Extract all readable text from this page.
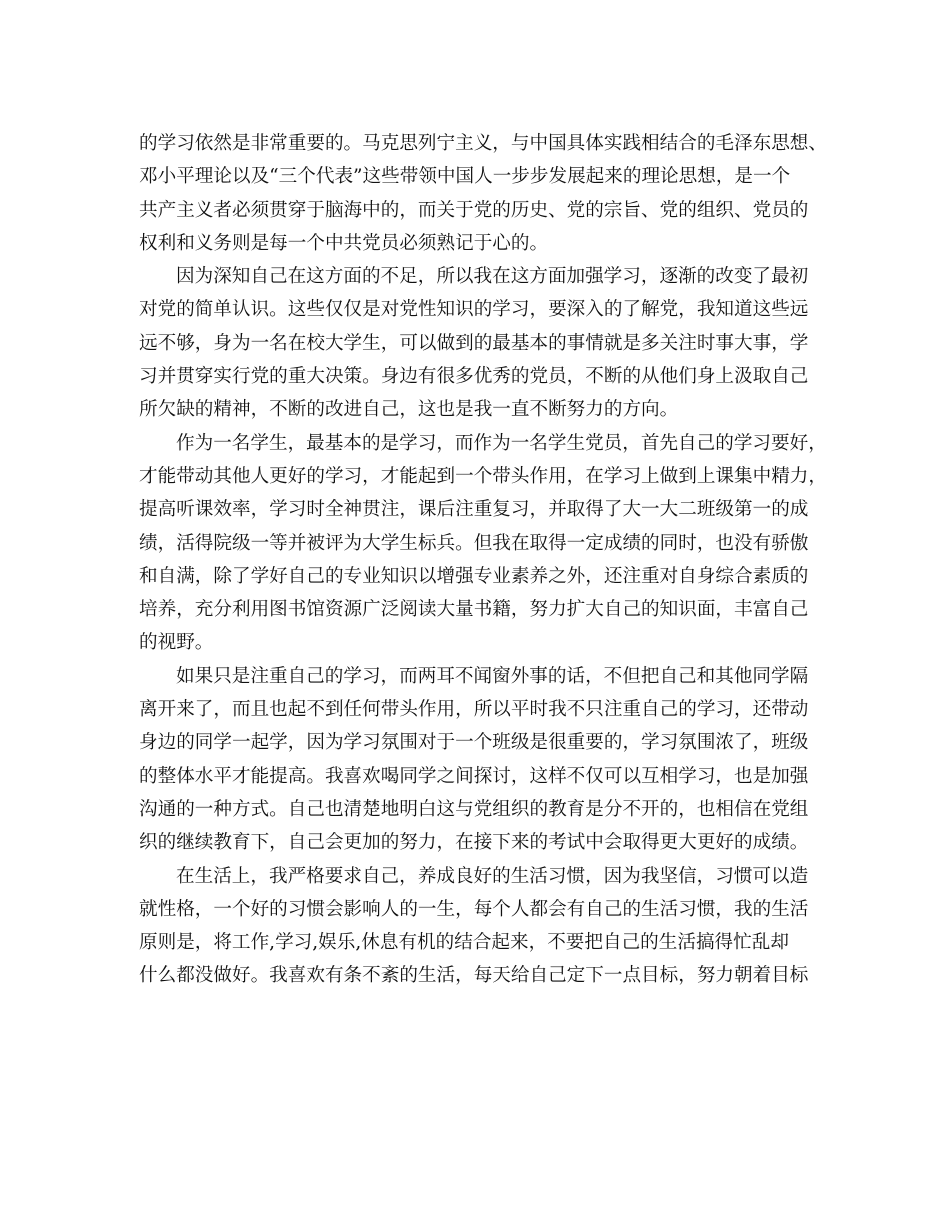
的学习依然是非常重要的。马克思列宁主义，与中国具体实践相结合的毛泽东思想、
邓小平理论以及“三个代表”这些带领中国人一步步发展起来的理论思想，是一个
共产主义者必须贯穿于脑海中的，而关于党的历史、党的宗旨、党的组织、党员的
权利和义务则是每一个中共党员必须熟记于心的。

因为深知自己在这方面的不足，所以我在这方面加强学习，逐渐的改变了最初
对党的简单认识。这些仅仅是对党性知识的学习，要深入的了解党，我知道这些远
远不够，身为一名在校大学生，可以做到的最基本的事情就是多关注时事大事，学
习并贯穿实行党的重大决策。身边有很多优秀的党员，不断的从他们身上汲取自己
所欠缺的精神，不断的改进自己，这也是我一直不断努力的方向。

作为一名学生，最基本的是学习，而作为一名学生党员，首先自己的学习要好，
才能带动其他人更好的学习，才能起到一个带头作用，在学习上做到上课集中精力，
提高听课效率，学习时全神贯注，课后注重复习，并取得了大一大二班级第一的成
绩，活得院级一等并被评为大学生标兵。但我在取得一定成绩的同时，也没有骄傲
和自满，除了学好自己的专业知识以增强专业素养之外，还注重对自身综合素质的
培养，充分利用图书馆资源广泛阅读大量书籍，努力扩大自己的知识面，丰富自己
的视野。

如果只是注重自己的学习，而两耳不闻窗外事的话，不但把自己和其他同学隔
离开来了，而且也起不到任何带头作用，所以平时我不只注重自己的学习，还带动
身边的同学一起学，因为学习氛围对于一个班级是很重要的，学习氛围浓了，班级
的整体水平才能提高。我喜欢喝同学之间探讨，这样不仅可以互相学习，也是加强
沟通的一种方式。自己也清楚地明白这与党组织的教育是分不开的，也相信在党组
织的继续教育下，自己会更加的努力，在接下来的考试中会取得更大更好的成绩。

在生活上，我严格要求自己，养成良好的生活习惯，因为我坚信，习惯可以造
就性格，一个好的习惯会影响人的一生，每个人都会有自己的生活习惯，我的生活
原则是，将工作,学习,娱乐,休息有机的结合起来，不要把自己的生活搞得忙乱却
什么都没做好。我喜欢有条不紊的生活，每天给自己定下一点目标，努力朝着目标
